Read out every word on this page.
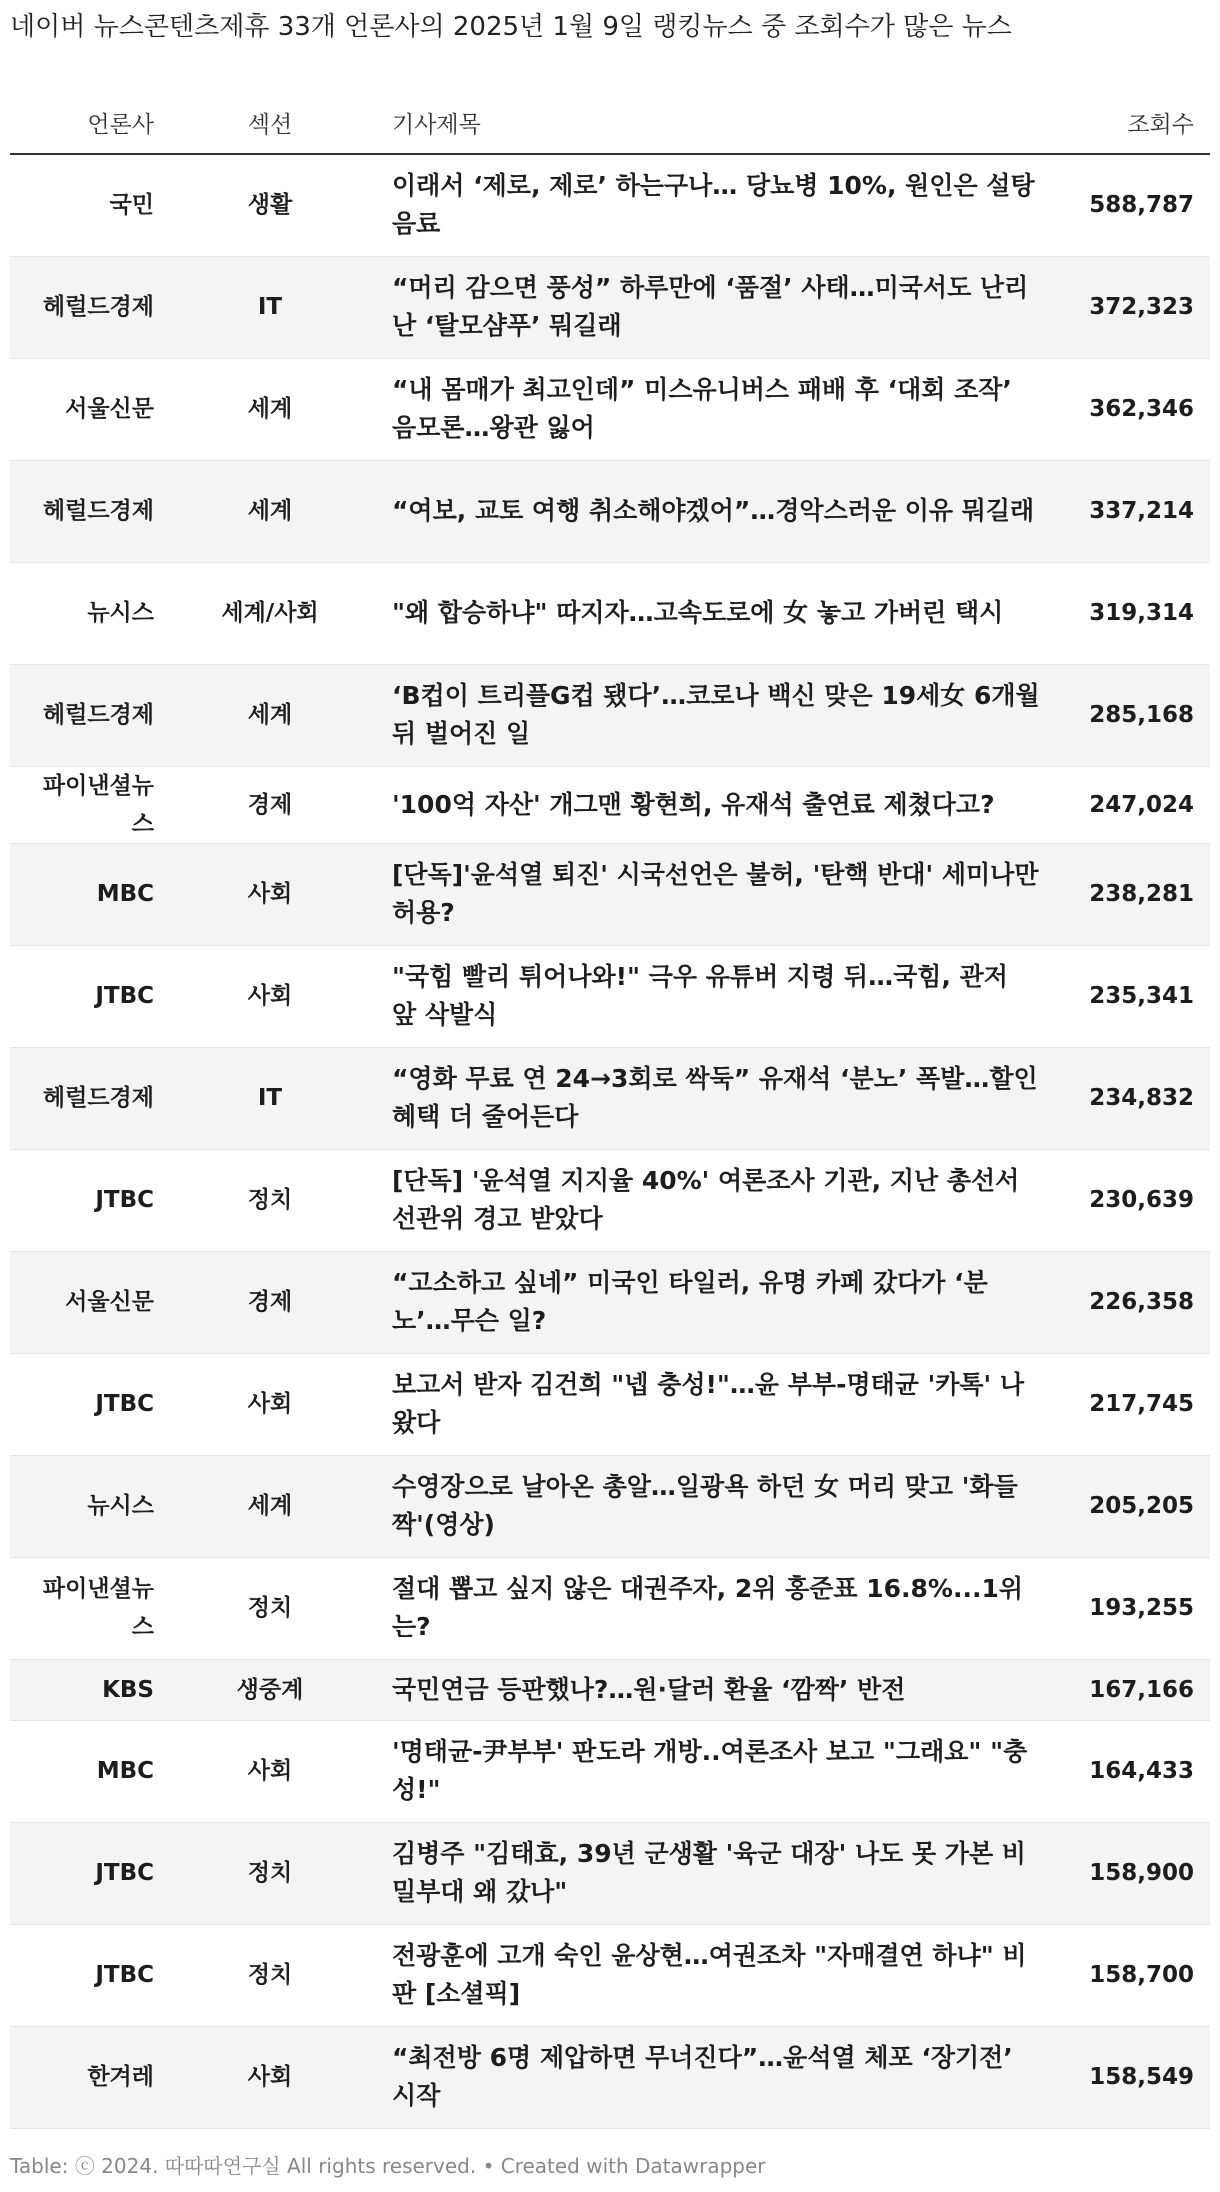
네이버 뉴스콘텐츠제휴 33개 언론사의 2025년 1월 9일 랭킹뉴스 중 조회수가 많은 뉴스
언론사	섹션	기사제목	조회수
국민	생활	이래서 ‘제로, 제로’ 하는구나… 당뇨병 10%, 원인은 설탕음료	588,787
헤럴드경제	IT	“머리 감으면 풍성” 하루만에 ‘품절’ 사태…미국서도 난리난 ‘탈모샴푸’ 뭐길래	372,323
서울신문	세계	“내 몸매가 최고인데” 미스유니버스 패배 후 ‘대회 조작’ 음모론…왕관 잃어	362,346
헤럴드경제	세계	“여보, 교토 여행 취소해야겠어”…경악스러운 이유 뭐길래	337,214
뉴시스	세계/사회	"왜 합승하냐" 따지자…고속도로에 女 놓고 가버린 택시	319,314
헤럴드경제	세계	‘B컵이 트리플G컵 됐다’…코로나 백신 맞은 19세女 6개월 뒤 벌어진 일	285,168
파이낸셜뉴스	경제	'100억 자산' 개그맨 황현희, 유재석 출연료 제쳤다고?	247,024
MBC	사회	[단독]'윤석열 퇴진' 시국선언은 불허, '탄핵 반대' 세미나만 허용?	238,281
JTBC	사회	"국힘 빨리 튀어나와!" 극우 유튜버 지령 뒤…국힘, 관저 앞 삭발식	235,341
헤럴드경제	IT	“영화 무료 연 24→3회로 싹둑” 유재석 ‘분노’ 폭발…할인혜택 더 줄어든다	234,832
JTBC	정치	[단독] '윤석열 지지율 40%' 여론조사 기관, 지난 총선서 선관위 경고 받았다	230,639
서울신문	경제	“고소하고 싶네” 미국인 타일러, 유명 카페 갔다가 ‘분노’…무슨 일?	226,358
JTBC	사회	보고서 받자 김건희 "넵 충성!"…윤 부부-명태균 '카톡' 나왔다	217,745
뉴시스	세계	수영장으로 날아온 총알…일광욕 하던 女 머리 맞고 '화들짝'(영상)	205,205
파이낸셜뉴스	정치	절대 뽑고 싶지 않은 대권주자, 2위 홍준표 16.8%...1위는?	193,255
KBS	생중계	국민연금 등판했나?…원·달러 환율 ‘깜짝’ 반전	167,166
MBC	사회	'명태균-尹부부' 판도라 개방..여론조사 보고 "그래요" "충성!"	164,433
JTBC	정치	김병주 "김태효, 39년 군생활 '육군 대장' 나도 못 가본 비밀부대 왜 갔나"	158,900
JTBC	정치	전광훈에 고개 숙인 윤상현…여권조차 "자매결연 하냐" 비판 [소셜픽]	158,700
한겨레	사회	“최전방 6명 제압하면 무너진다”…윤석열 체포 ‘장기전’ 시작	158,549
Table: ⓒ 2024. 따따따연구실 All rights reserved. • Created with Datawrapper
